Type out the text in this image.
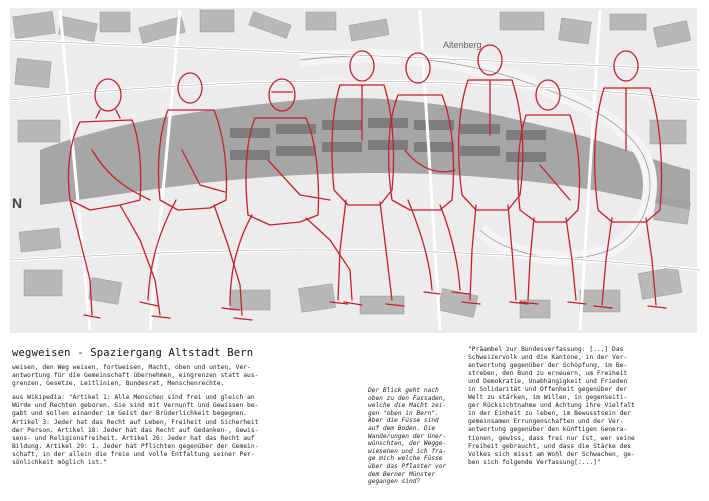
Altenberg
N
wegweisen - Spaziergang Altstadt Bern

weisen, den Weg weisen, fortweisen, Macht, oben und unten, Ver-
antwortung für die Gemeinschaft übernehmen, eingrenzen statt aus-
grenzen, Gesetze, Leitlinien, Bundesrat, Menschenrechte.

aus Wikipedia: "Artikel 1: Alle Menschen sind frei und gleich an
Würde und Rechten geboren. Sie sind mit Vernunft und Gewissen be-
gabt und sollen einander im Geist der Brüderlichkeit begegnen.
Artikel 3: Jeder hat das Recht auf Leben, Freiheit und Sicherheit
der Person. Artikel 18: Jeder hat das Recht auf Gedanken-, Gewis-
sens- und Religionsfreiheit. Artikel 26: Jeder hat das Recht auf
Bildung. Artikel 29: 1. Jeder hat Pflichten gegenüber der Gemein-
schaft, in der allein die freie und volle Entfaltung seiner Per-
sönlichkeit möglich ist."

Der Blick geht nach
oben zu den Fassaden,
welche die Macht zei-
gen "oben in Bern".
Aber die Füsse sind
auf dem Boden. Die
Wanderungen der Uner-
wünschten, der Wegge-
wiesenen und ich fra-
ge mich welche Füsse
über das Pflaster vor
dem Berner Münster
gegangen sind?

"Präambel zur Bundesverfassung: [...] Das
Schweizervolk und die Kantone, in der Ver-
antwortung gegenüber der Schöpfung, im Be-
streben, den Bund zu erneuern, um Freiheit
und Demokratie, Unabhängigkeit und Frieden
in Solidarität und Offenheit gegenüber der
Welt zu stärken, im Willen, in gegenseiti-
ger Rücksichtnahme und Achtung ihre Vielfalt
in der Einheit zu leben, im Bewusstsein der
gemeinsamen Errungenschaften und der Ver-
antwortung gegenüber den künftigen Genera-
tionen, gewiss, dass frei nur ist, wer seine
Freiheit gebraucht, und dass die Stärke des
Volkes sich misst am Wohl der Schwachen, ge-
ben sich folgende Verfassung[:...]"
